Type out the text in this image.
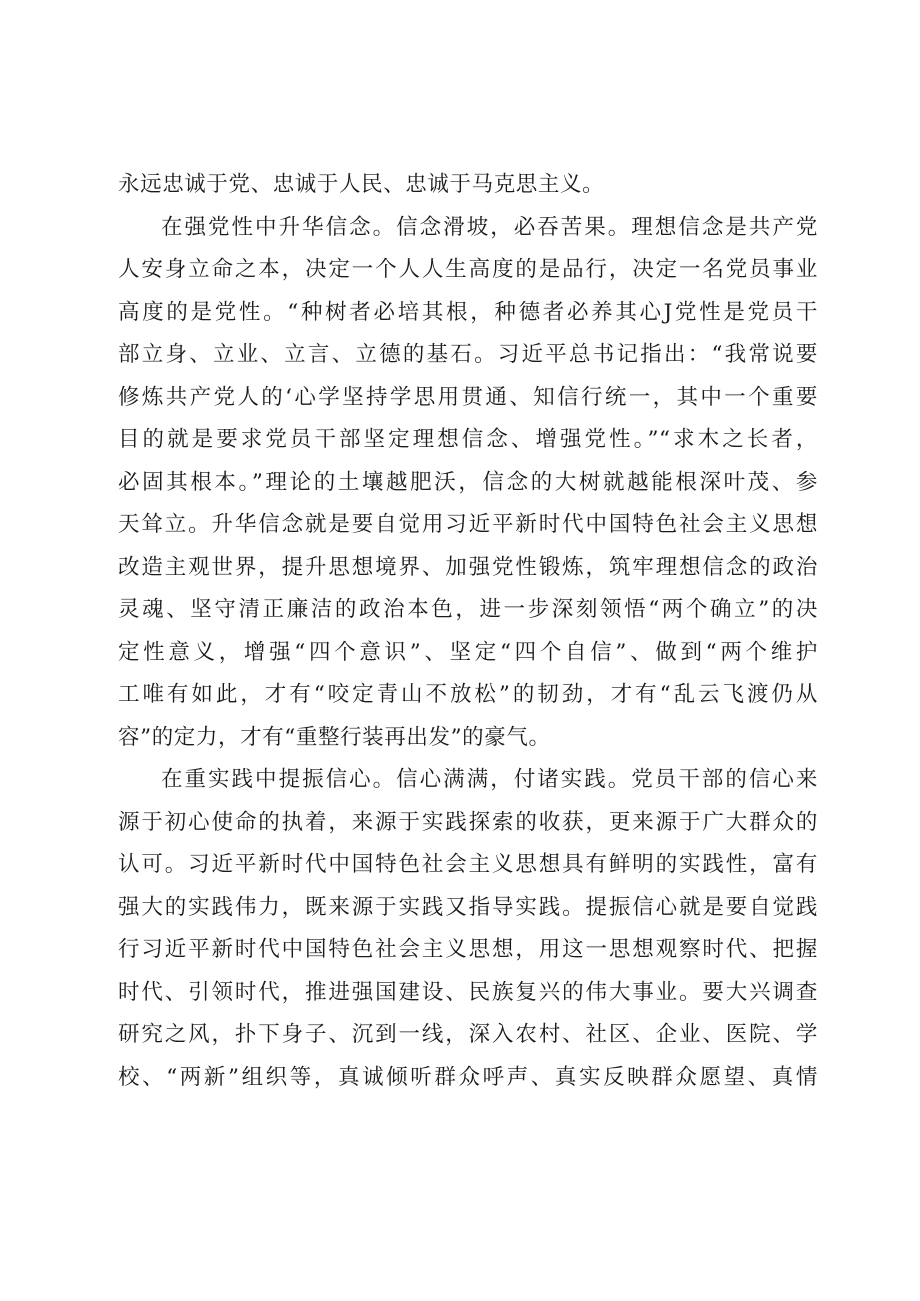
永远忠诚于党、忠诚于人民、忠诚于马克思主义。
在强党性中升华信念。信念滑坡，必吞苦果。理想信念是共产党
人安身立命之本，决定一个人人生高度的是品行，决定一名党员事业
高度的是党性。“种树者必培其根，种德者必养其心J党性是党员干
部立身、立业、立言、立德的基石。习近平总书记指出：“我常说要
修炼共产党人的‘心学坚持学思用贯通、知信行统一，其中一个重要
目的就是要求党员干部坚定理想信念、增强党性。”“求木之长者，
必固其根本。”理论的土壤越肥沃，信念的大树就越能根深叶茂、参
天耸立。升华信念就是要自觉用习近平新时代中国特色社会主义思想
改造主观世界，提升思想境界、加强党性锻炼，筑牢理想信念的政治
灵魂、坚守清正廉洁的政治本色，进一步深刻领悟“两个确立”的决
定性意义，增强“四个意识”、坚定“四个自信”、做到“两个维护
工唯有如此，才有“咬定青山不放松”的韧劲，才有“乱云飞渡仍从
容”的定力，才有“重整行装再出发”的豪气。
在重实践中提振信心。信心满满，付诸实践。党员干部的信心来
源于初心使命的执着，来源于实践探索的收获，更来源于广大群众的
认可。习近平新时代中国特色社会主义思想具有鲜明的实践性，富有
强大的实践伟力，既来源于实践又指导实践。提振信心就是要自觉践
行习近平新时代中国特色社会主义思想，用这一思想观察时代、把握
时代、引领时代，推进强国建设、民族复兴的伟大事业。要大兴调查
研究之风，扑下身子、沉到一线，深入农村、社区、企业、医院、学
校、“两新”组织等，真诚倾听群众呼声、真实反映群众愿望、真情
